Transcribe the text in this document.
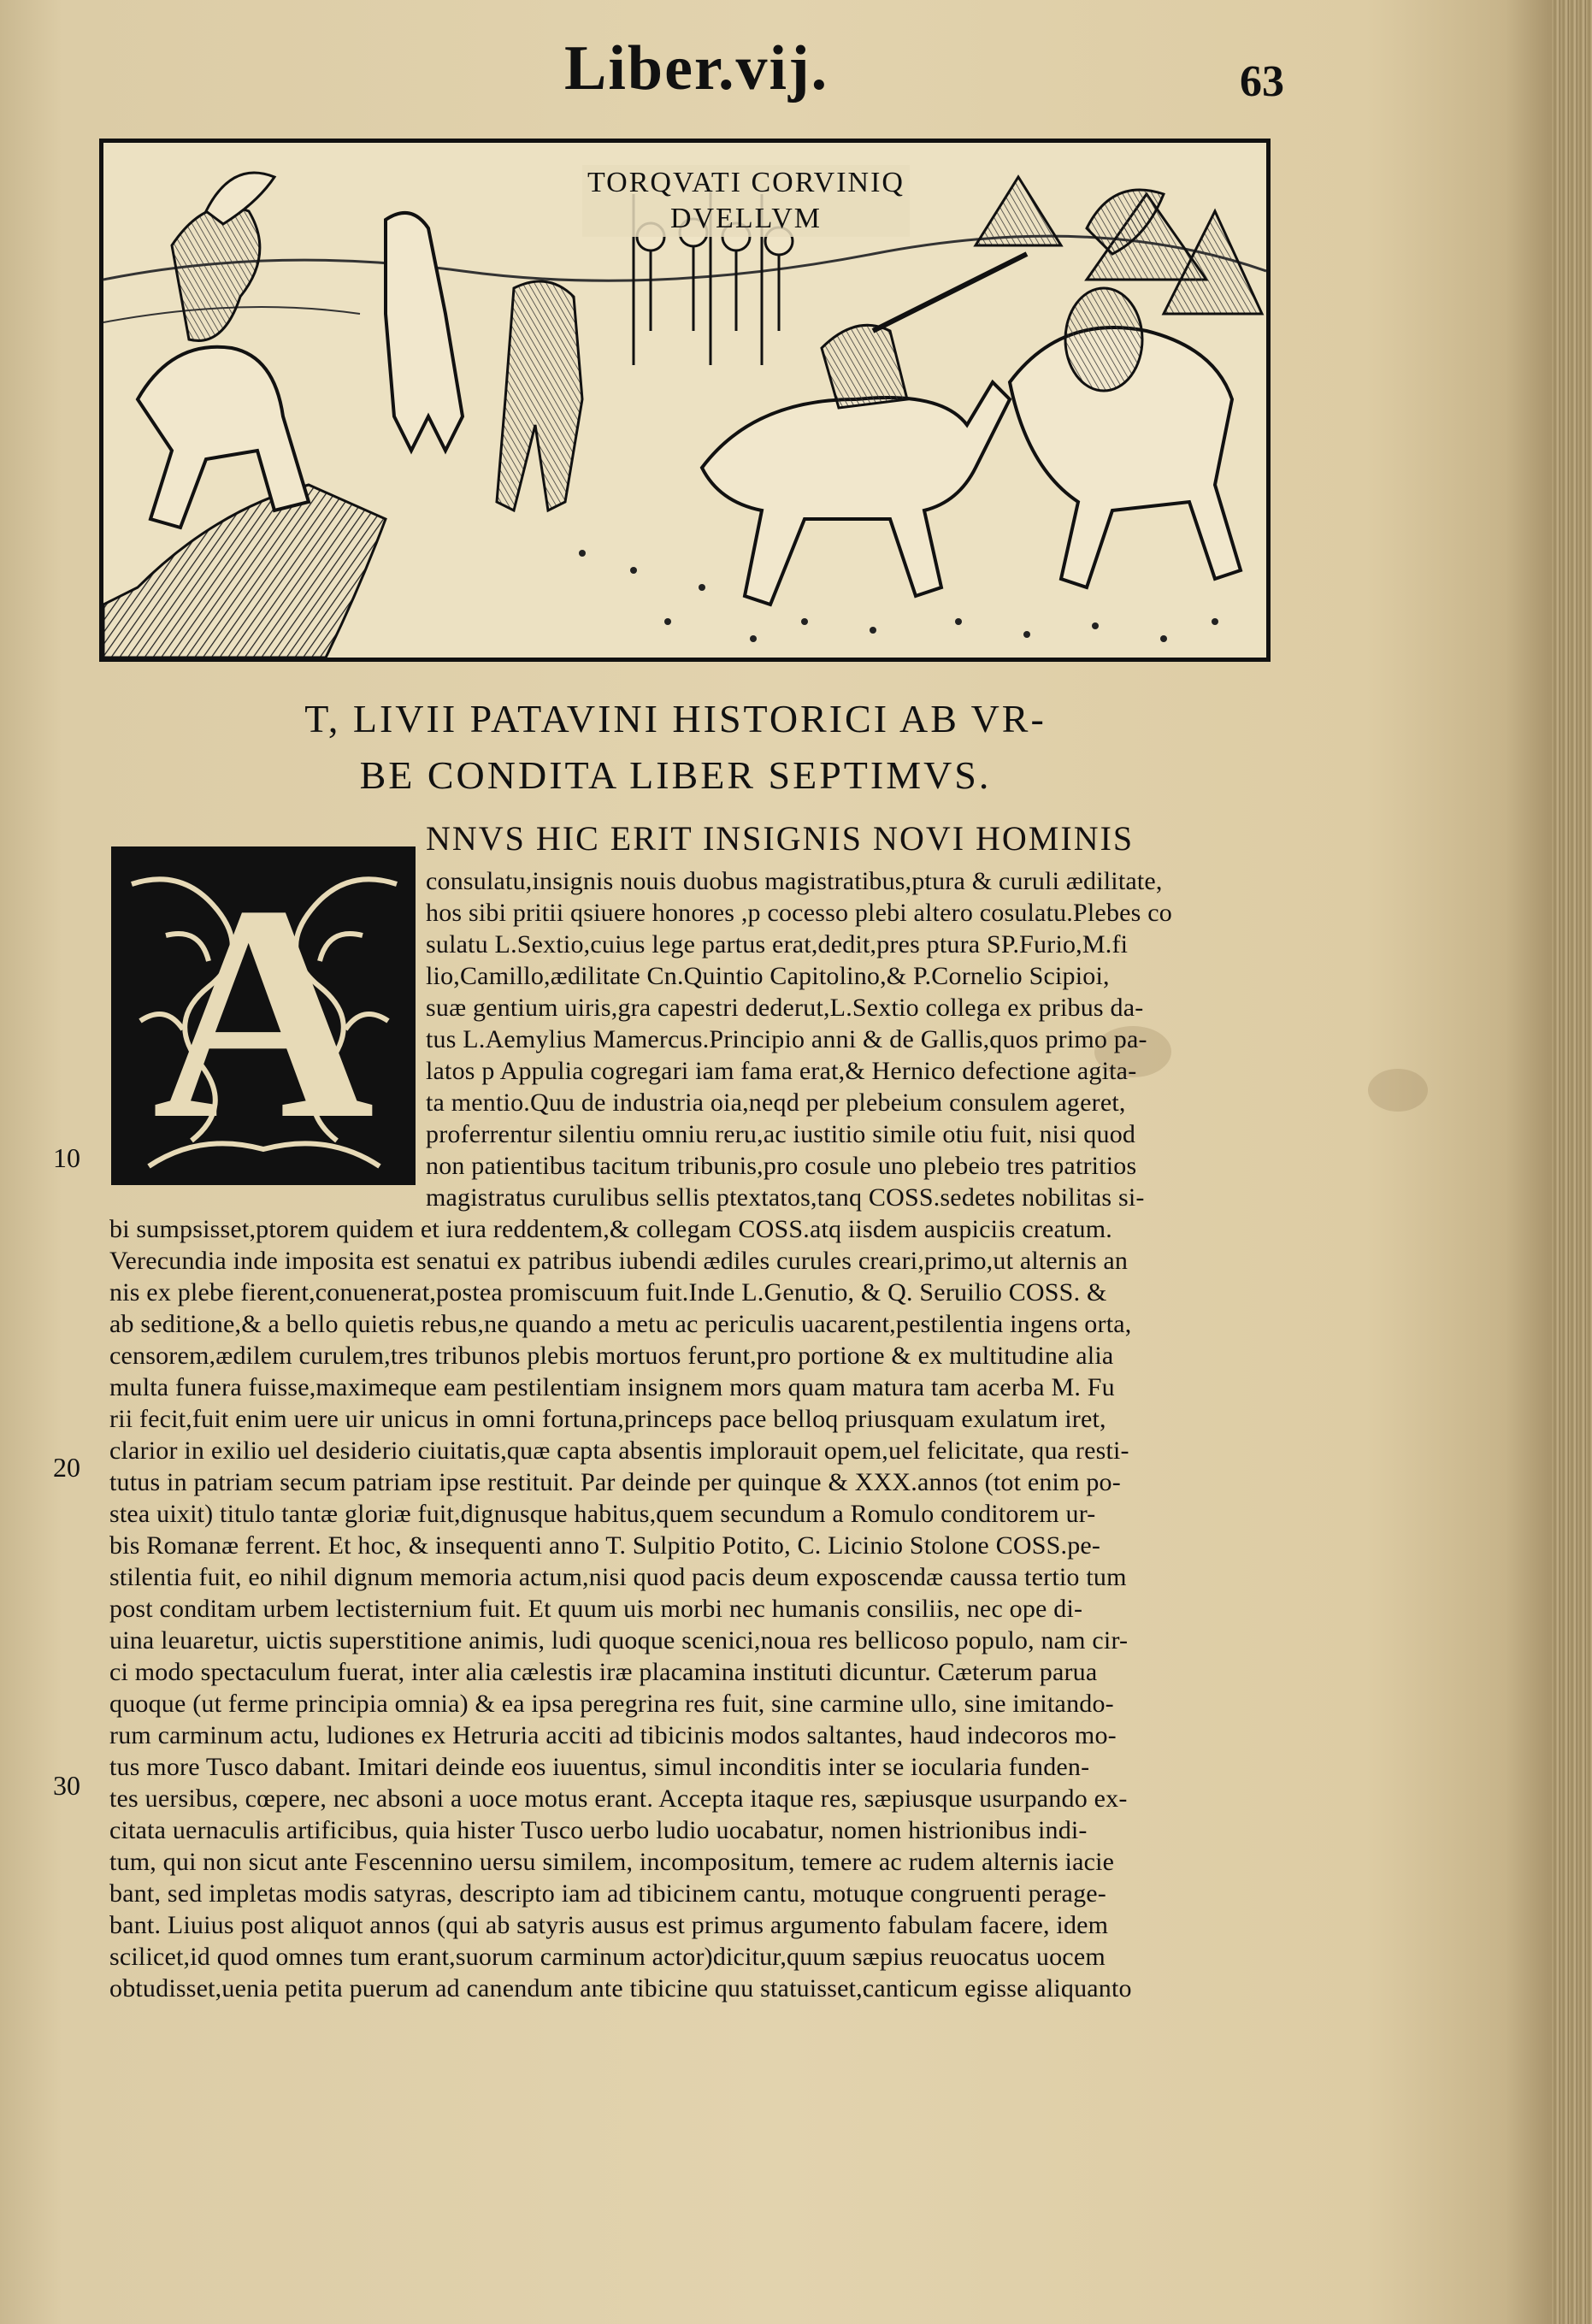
Liber.vij.	63
TORQVATI CORVINIQ
DVELLVM
T, LIVII PATAVINI HISTORICI AB VR-
BE CONDITA LIBER SEPTIMVS.
A
NNVS HIC ERIT INSIGNIS NOVI HOMINIS
consulatu,insignis nouis duobus magistratibus,ptura & curuli ædilitate,
hos sibi pritii qsiuere honores ,p cocesso plebi altero cosulatu.Plebes co
sulatu L.Sextio,cuius lege partus erat,dedit,pres ptura SP.Furio,M.fi
lio,Camillo,ædilitate Cn.Quintio Capitolino,& P.Cornelio Scipioi,
suæ gentium uiris,gra capestri dederut,L.Sextio collega ex pribus da-
tus L.Aemylius Mamercus.Principio anni & de Gallis,quos primo pa-
latos p Appulia cogregari iam fama erat,& Hernico defectione agita-
ta mentio.Quu de industria oia,neqd per plebeium consulem ageret,
proferrentur silentiu omniu reru,ac iustitio simile otiu fuit, nisi quod
non patientibus tacitum tribunis,pro cosule uno plebeio tres patritios
magistratus curulibus sellis ptextatos,tanq COSS.sedetes nobilitas si-
bi sumpsisset,ptorem quidem et iura reddentem,& collegam COSS.atq iisdem auspiciis creatum.
Verecundia inde imposita est senatui ex patribus iubendi ædiles curules creari,primo,ut alternis an
nis ex plebe fierent,conuenerat,postea promiscuum fuit.Inde L.Genutio, & Q. Seruilio COSS. &
ab seditione,& a bello quietis rebus,ne quando a metu ac periculis uacarent,pestilentia ingens orta,
censorem,ædilem curulem,tres tribunos plebis mortuos ferunt,pro portione & ex multitudine alia
multa funera fuisse,maximeque eam pestilentiam insignem mors quam matura tam acerba M. Fu
rii fecit,fuit enim uere uir unicus in omni fortuna,princeps pace belloq priusquam exulatum iret,
clarior in exilio uel desiderio ciuitatis,quæ capta absentis implorauit opem,uel felicitate, qua resti-
tutus in patriam secum patriam ipse restituit. Par deinde per quinque & XXX.annos (tot enim po-
stea uixit) titulo tantæ gloriæ fuit,dignusque habitus,quem secundum a Romulo conditorem ur-
bis Romanæ ferrent. Et hoc, & insequenti anno T. Sulpitio Potito, C. Licinio Stolone COSS.pe-
stilentia fuit, eo nihil dignum memoria actum,nisi quod pacis deum exposcendæ caussa tertio tum
post conditam urbem lectisternium fuit. Et quum uis morbi nec humanis consiliis, nec ope di-
uina leuaretur, uictis superstitione animis, ludi quoque scenici,noua res bellicoso populo, nam cir-
ci modo spectaculum fuerat, inter alia cælestis iræ placamina instituti dicuntur. Cæterum parua
quoque (ut ferme principia omnia) & ea ipsa peregrina res fuit, sine carmine ullo, sine imitando-
rum carminum actu, ludiones ex Hetruria acciti ad tibicinis modos saltantes, haud indecoros mo-
tus more Tusco dabant. Imitari deinde eos iuuentus, simul inconditis inter se iocularia funden-
tes uersibus, cœpere, nec absoni a uoce motus erant. Accepta itaque res, sæpiusque usurpando ex-
citata uernaculis artificibus, quia hister Tusco uerbo ludio uocabatur, nomen histrionibus indi-
tum, qui non sicut ante Fescennino uersu similem, incompositum, temere ac rudem alternis iacie
bant, sed impletas modis satyras, descripto iam ad tibicinem cantu, motuque congruenti perage-
bant. Liuius post aliquot annos (qui ab satyris ausus est primus argumento fabulam facere, idem
scilicet,id quod omnes tum erant,suorum carminum actor)dicitur,quum sæpius reuocatus uocem
obtudisset,uenia petita puerum ad canendum ante tibicine quu statuisset,canticum egisse aliquanto
10
20
30
